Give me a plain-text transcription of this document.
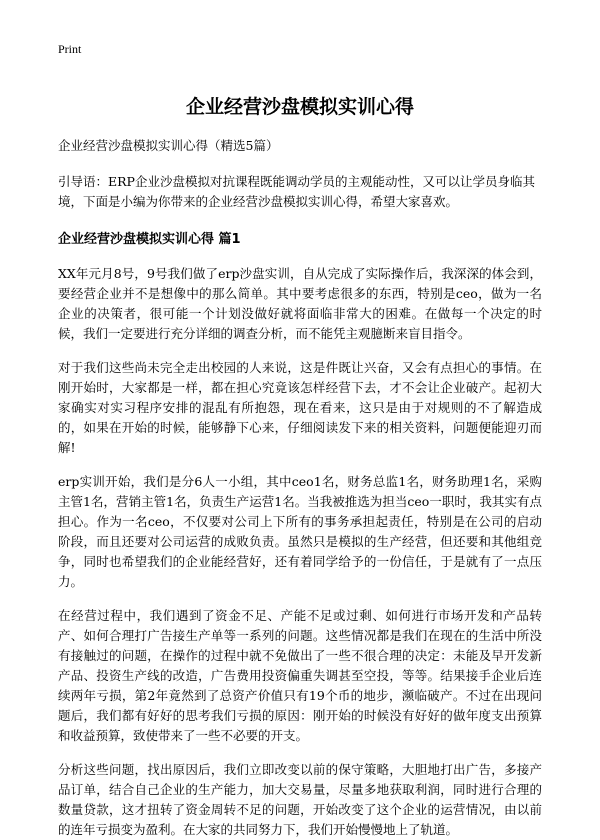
Print
企业经营沙盘模拟实训心得

企业经营沙盘模拟实训心得（精选5篇）

引导语：ERP企业沙盘模拟对抗课程既能调动学员的主观能动性，又可以让学员身临其境，下面是小编为你带来的企业经营沙盘模拟实训心得，希望大家喜欢。

企业经营沙盘模拟实训心得 篇1

XX年元月8号，9号我们做了erp沙盘实训，自从完成了实际操作后，我深深的体会到，要经营企业并不是想像中的那么简单。其中要考虑很多的东西，特别是ceo，做为一名企业的决策者，很可能一个计划没做好就将面临非常大的困难。在做每一个决定的时候，我们一定要进行充分详细的调查分析，而不能凭主观臆断来盲目指令。

对于我们这些尚未完全走出校园的人来说，这是件既让兴奋，又会有点担心的事情。在刚开始时，大家都是一样，都在担心究竟该怎样经营下去，才不会让企业破产。起初大家确实对实习程序安排的混乱有所抱怨，现在看来，这只是由于对规则的不了解造成的，如果在开始的时候，能够静下心来，仔细阅读发下来的相关资料，问题便能迎刃而解!

erp实训开始，我们是分6人一小组，其中ceo1名，财务总监1名，财务助理1名，采购主管1名，营销主管1名，负责生产运营1名。当我被推选为担当ceo一职时，我其实有点担心。作为一名ceo，不仅要对公司上下所有的事务承担起责任，特别是在公司的启动阶段，而且还要对公司运营的成败负责。虽然只是模拟的生产经营，但还要和其他组竞争，同时也希望我们的企业能经营好，还有着同学给予的一份信任，于是就有了一点压力。

在经营过程中，我们遇到了资金不足、产能不足或过剩、如何进行市场开发和产品转产、如何合理打广告接生产单等一系列的问题。这些情况都是我们在现在的生活中所没有接触过的问题，在操作的过程中就不免做出了一些不很合理的决定：未能及早开发新产品、投资生产线的改造，广告费用投资偏重失调甚至空投，等等。结果接手企业后连续两年亏损，第2年竟然到了总资产价值只有19个币的地步，濒临破产。不过在出现问题后，我们都有好好的思考我们亏损的原因：刚开始的时候没有好好的做年度支出预算和收益预算，致使带来了一些不必要的开支。

分析这些问题，找出原因后，我们立即改变以前的保守策略，大胆地打出广告，多接产品订单，结合自己企业的生产能力，加大交易量，尽量多地获取利润，同时进行合理的数量贷款，这才扭转了资金周转不足的问题，开始改变了这个企业的运营情况，由以前的连年亏损变为盈利。在大家的共同努力下，我们开始慢慢地上了轨道。
